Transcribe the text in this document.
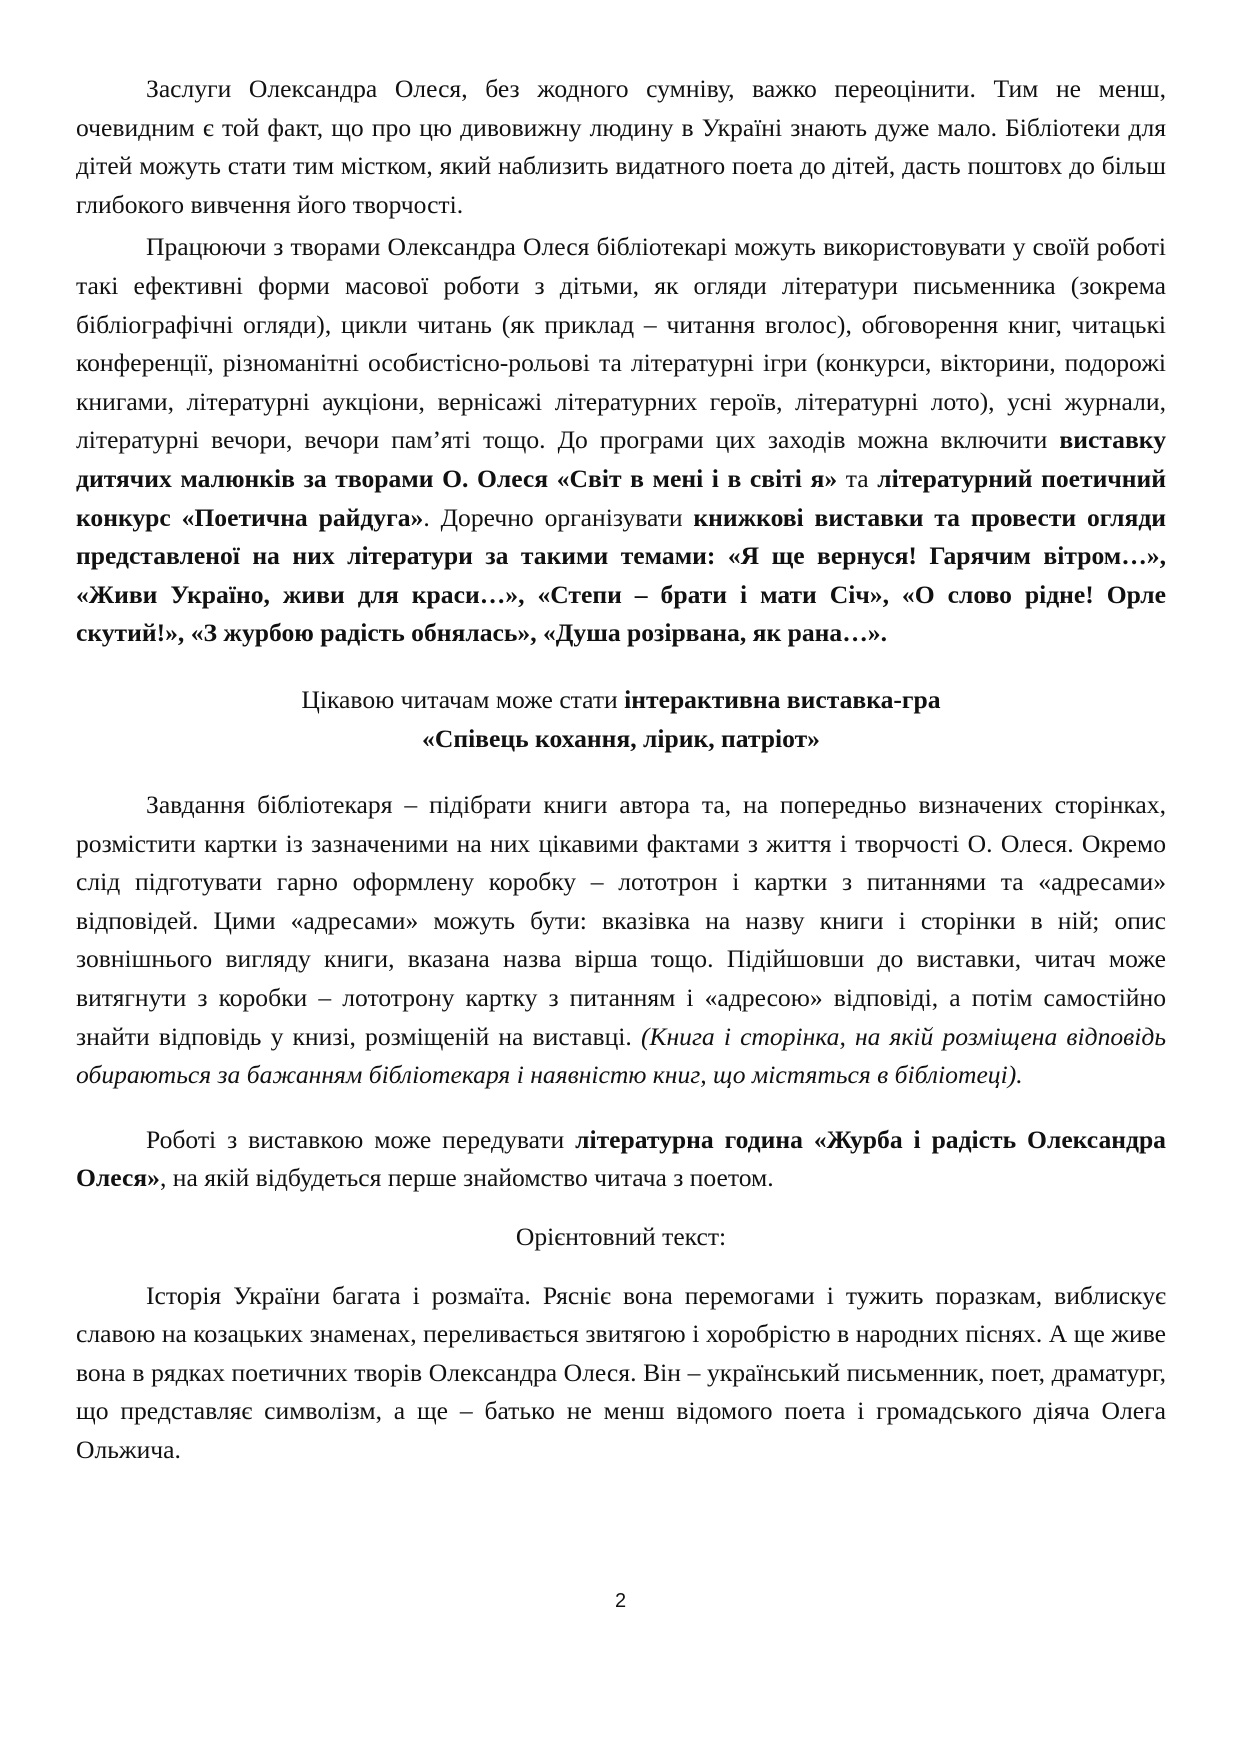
Заслуги Олександра Олеся, без жодного сумніву, важко переоцінити. Тим не менш, очевидним є той факт, що про цю дивовижну людину в Україні знають дуже мало. Бібліотеки для дітей можуть стати тим містком, який наблизить видатного поета до дітей, дасть поштовх до більш глибокого вивчення його творчості.

Працюючи з творами Олександра Олеся бібліотекарі можуть використовувати у своїй роботі такі ефективні форми масової роботи з дітьми, як огляди літератури письменника (зокрема бібліографічні огляди), цикли читань (як приклад – читання вголос), обговорення книг, читацькі конференції, різноманітні особистісно-рольові та літературні ігри (конкурси, вікторини, подорожі книгами, літературні аукціони, вернісажі літературних героїв, літературні лото), усні журнали, літературні вечори, вечори пам’яті тощо. До програми цих заходів можна включити виставку дитячих малюнків за творами О. Олеся «Світ в мені і в світі я» та літературний поетичний конкурс «Поетична райдуга». Доречно організувати книжкові виставки та провести огляди представленої на них літератури за такими темами: «Я ще вернуся! Гарячим вітром…», «Живи Україно, живи для краси…», «Степи – брати і мати Січ», «О слово рідне! Орле скутий!», «З журбою радість обнялась», «Душа розірвана, як рана…».

Цікавою читачам може стати інтерактивна виставка-гра

«Співець кохання, лірик, патріот»

Завдання бібліотекаря – підібрати книги автора та, на попередньо визначених сторінках, розмістити картки із зазначеними на них цікавими фактами з життя і творчості О. Олеся. Окремо слід підготувати гарно оформлену коробку – лототрон і картки з питаннями та «адресами» відповідей. Цими «адресами» можуть бути: вказівка на назву книги і сторінки в ній; опис зовнішнього вигляду книги, вказана назва вірша тощо. Підійшовши до виставки, читач може витягнути з коробки – лототрону картку з питанням і «адресою» відповіді, а потім самостійно знайти відповідь у книзі, розміщеній на виставці. (Книга і сторінка, на якій розміщена відповідь обираються за бажанням бібліотекаря і наявністю книг, що містяться в бібліотеці).

Роботі з виставкою може передувати літературна година «Журба і радість Олександра Олеся», на якій відбудеться перше знайомство читача з поетом.

Орієнтовний текст:

Історія України багата і розмаїта. Рясніє вона перемогами і тужить поразкам, виблискує славою на козацьких знаменах, переливається звитягою і хоробрістю в народних піснях. А ще живе вона в рядках поетичних творів Олександра Олеся. Він – український письменник, поет, драматург, що представляє символізм, а ще – батько не менш відомого поета і громадського діяча Олега Ольжича.

2
